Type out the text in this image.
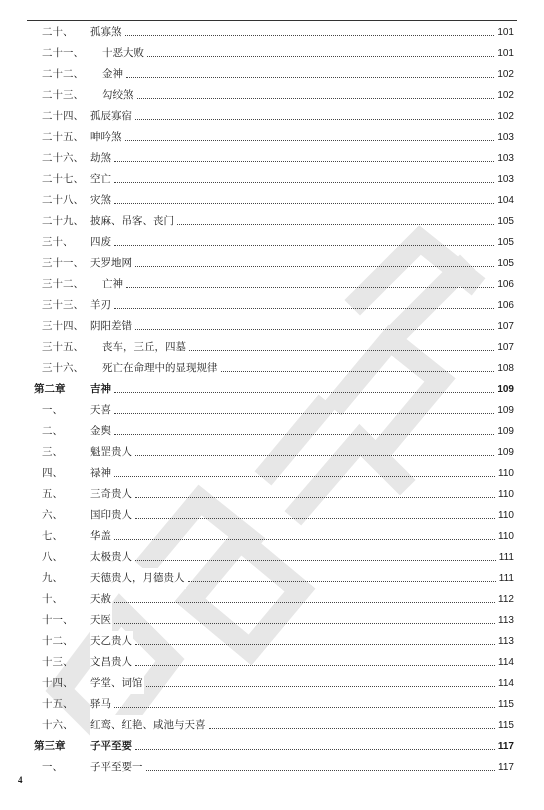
二十、 孤寡煞	101
二十一、 十恶大败	101
二十二、 金神	102
二十三、 勾绞煞	102
二十四、 孤辰寡宿	102
二十五、 呻吟煞	103
二十六、 劫煞	103
二十七、 空亡	103
二十八、 灾煞	104
二十九、 披麻、吊客、丧门	105
三十、 四废	105
三十一、 天罗地网	105
三十二、 亡神	106
三十三、 羊刃	106
三十四、 阴阳差错	107
三十五、 丧车，三丘，四墓	107
三十六、 死亡在命理中的显现规律	108
第二章 吉神	109
一、	天喜	109
二、	金舆	109
三、	魁罡贵人	109
四、	禄神	110
五、	三奇贵人	110
六、	国印贵人	110
七、	华盖	110
八、	太极贵人	111
九、	天德贵人，月德贵人	111
十、	天赦	112
十一、 天医	113
十二、 天乙贵人	113
十三、 文昌贵人	114
十四、 学堂、词馆	114
十五、 驿马	115
十六、 红鸾、红艳、咸池与天喜	115
第三章 子平至要	117
一、	子平至要一	117
4
